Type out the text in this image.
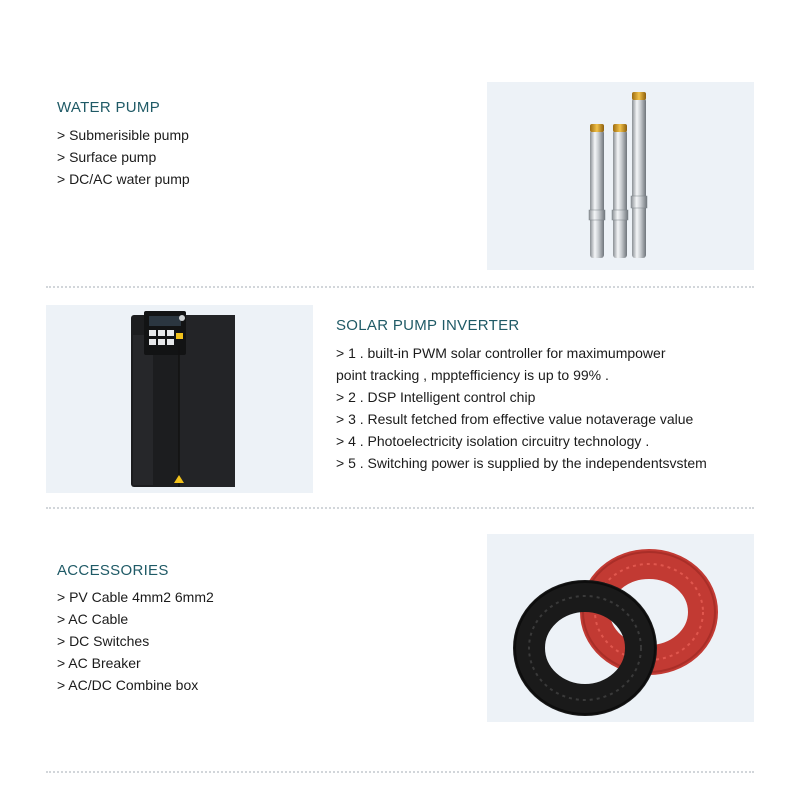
WATER PUMP
> Submerisible pump
> Surface pump
> DC/AC water pump
SOLAR PUMP INVERTER
> 1 . built-in PWM solar controller for maximumpower
point tracking , mpptefficiency is up to 99% .
> 2 . DSP Intelligent control chip
> 3 . Result fetched from effective value notaverage value
> 4 . Photoelectricity isolation circuitry technology .
> 5 . Switching power is supplied by the independentsvstem
ACCESSORIES
> PV Cable 4mm2 6mm2
> AC Cable
> DC Switches
> AC Breaker
> AC/DC Combine box
